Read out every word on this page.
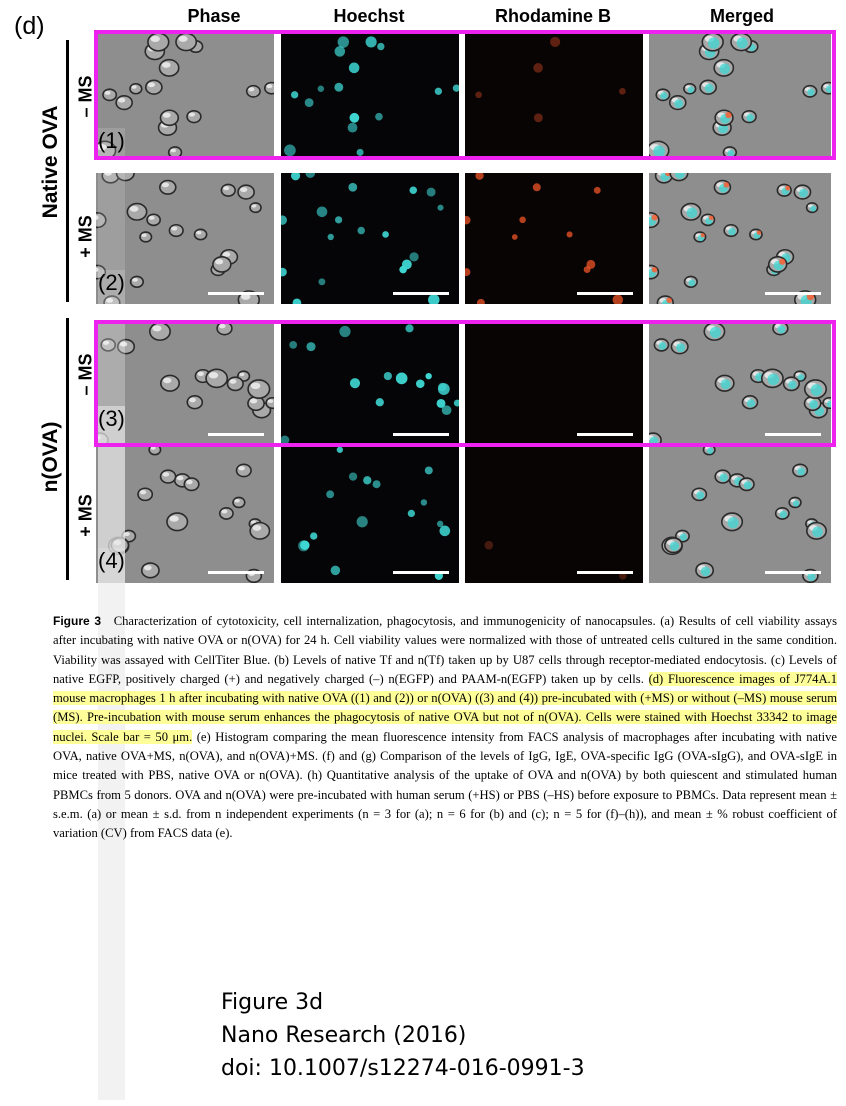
(d)	Phase	Hoechst	Rhodamine B	Merged
Native OVA
n(OVA)
– MS
+ MS
– MS
+ MS
(1)
(2)
(3)
(4)
Figure 3 Characterization of cytotoxicity, cell internalization, phagocytosis, and immunogenicity of nanocapsules. (a) Results of cell viability assays after incubating with native OVA or n(OVA) for 24 h. Cell viability values were normalized with those of untreated cells cultured in the same condition. Viability was assayed with CellTiter Blue. (b) Levels of native Tf and n(Tf) taken up by U87 cells through receptor-mediated endocytosis. (c) Levels of native EGFP, positively charged (+) and negatively charged (–) n(EGFP) and PAAM-n(EGFP) taken up by cells. (d) Fluorescence images of J774A.1 mouse macrophages 1 h after incubating with native OVA ((1) and (2)) or n(OVA) ((3) and (4)) pre-incubated with (+MS) or without (–MS) mouse serum (MS). Pre-incubation with mouse serum enhances the phagocytosis of native OVA but not of n(OVA). Cells were stained with Hoechst 33342 to image nuclei. Scale bar = 50 μm. (e) Histogram comparing the mean fluorescence intensity from FACS analysis of macrophages after incubating with native OVA, native OVA+MS, n(OVA), and n(OVA)+MS. (f) and (g) Comparison of the levels of IgG, IgE, OVA-specific IgG (OVA-sIgG), and OVA-sIgE in mice treated with PBS, native OVA or n(OVA). (h) Quantitative analysis of the uptake of OVA and n(OVA) by both quiescent and stimulated human PBMCs from 5 donors. OVA and n(OVA) were pre-incubated with human serum (+HS) or PBS (–HS) before exposure to PBMCs. Data represent mean ± s.e.m. (a) or mean ± s.d. from n independent experiments (n = 3 for (a); n = 6 for (b) and (c); n = 5 for (f)–(h)), and mean ± % robust coefficient of variation (CV) from FACS data (e).
Figure 3d
Nano Research (2016)
doi: 10.1007/s12274-016-0991-3
